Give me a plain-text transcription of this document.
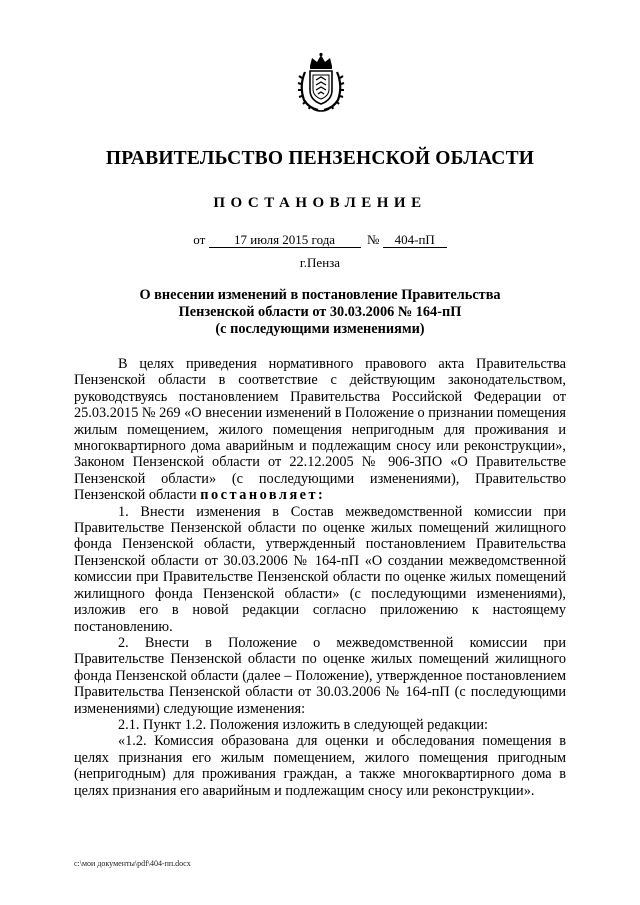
ПРАВИТЕЛЬСТВО ПЕНЗЕНСКОЙ ОБЛАСТИ
ПОСТАНОВЛЕНИЕ
от 17 июля 2015 года № 404-пП
г.Пенза
О внесении изменений в постановление Правительства
Пензенской области от 30.03.2006 № 164-пП
(с последующими изменениями)

В целях приведения нормативного правового акта Правительства Пензенской области в соответствие с действующим законодательством, руководствуясь постановлением Правительства Российской Федерации от 25.03.2015 № 269 «О внесении изменений в Положение о признании помещения жилым помещением, жилого помещения непригодным для проживания и многоквартирного дома аварийным и подлежащим сносу или реконструкции», Законом Пензенской области от 22.12.2005 № 906-ЗПО «О Правительстве Пензенской области» (с последующими изменениями), Правительство Пензенской области постановляет:

1. Внести изменения в Состав межведомственной комиссии при Правительстве Пензенской области по оценке жилых помещений жилищного фонда Пензенской области, утвержденный постановлением Правительства Пензенской области от 30.03.2006 № 164-пП «О создании межведомственной комиссии при Правительстве Пензенской области по оценке жилых помещений жилищного фонда Пензенской области» (с последующими изменениями), изложив его в новой редакции согласно приложению к настоящему постановлению.

2. Внести в Положение о межведомственной комиссии при Правительстве Пензенской области по оценке жилых помещений жилищного фонда Пензенской области (далее – Положение), утвержденное постановлением Правительства Пензенской области от 30.03.2006 № 164-пП (с последующими изменениями) следующие изменения:

2.1. Пункт 1.2. Положения изложить в следующей редакции:

«1.2. Комиссия образована для оценки и обследования помещения в целях признания его жилым помещением, жилого помещения пригодным (непригодным) для проживания граждан, а также многоквартирного дома в целях признания его аварийным и подлежащим сносу или реконструкции».

c:\мои документы\pdf\404-пп.docx
